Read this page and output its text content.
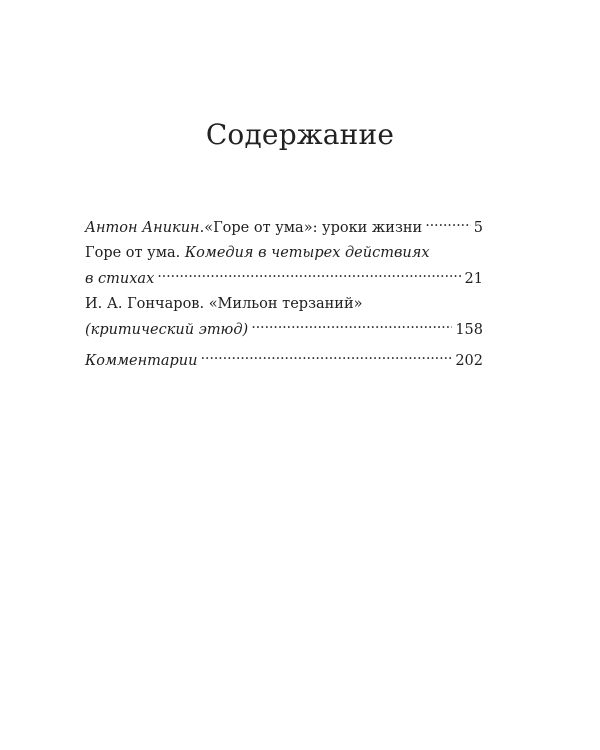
Содержание
Антон Аникин . «Горе от ума»: уроки жизни . . .	5
Горе от ума.
Комедия в четырех действиях
в стихах . . .	21
И. А. Гончаров.
«Мильон терзаний»
(критический этюд) . . .	158
Комментарии . . .	202
